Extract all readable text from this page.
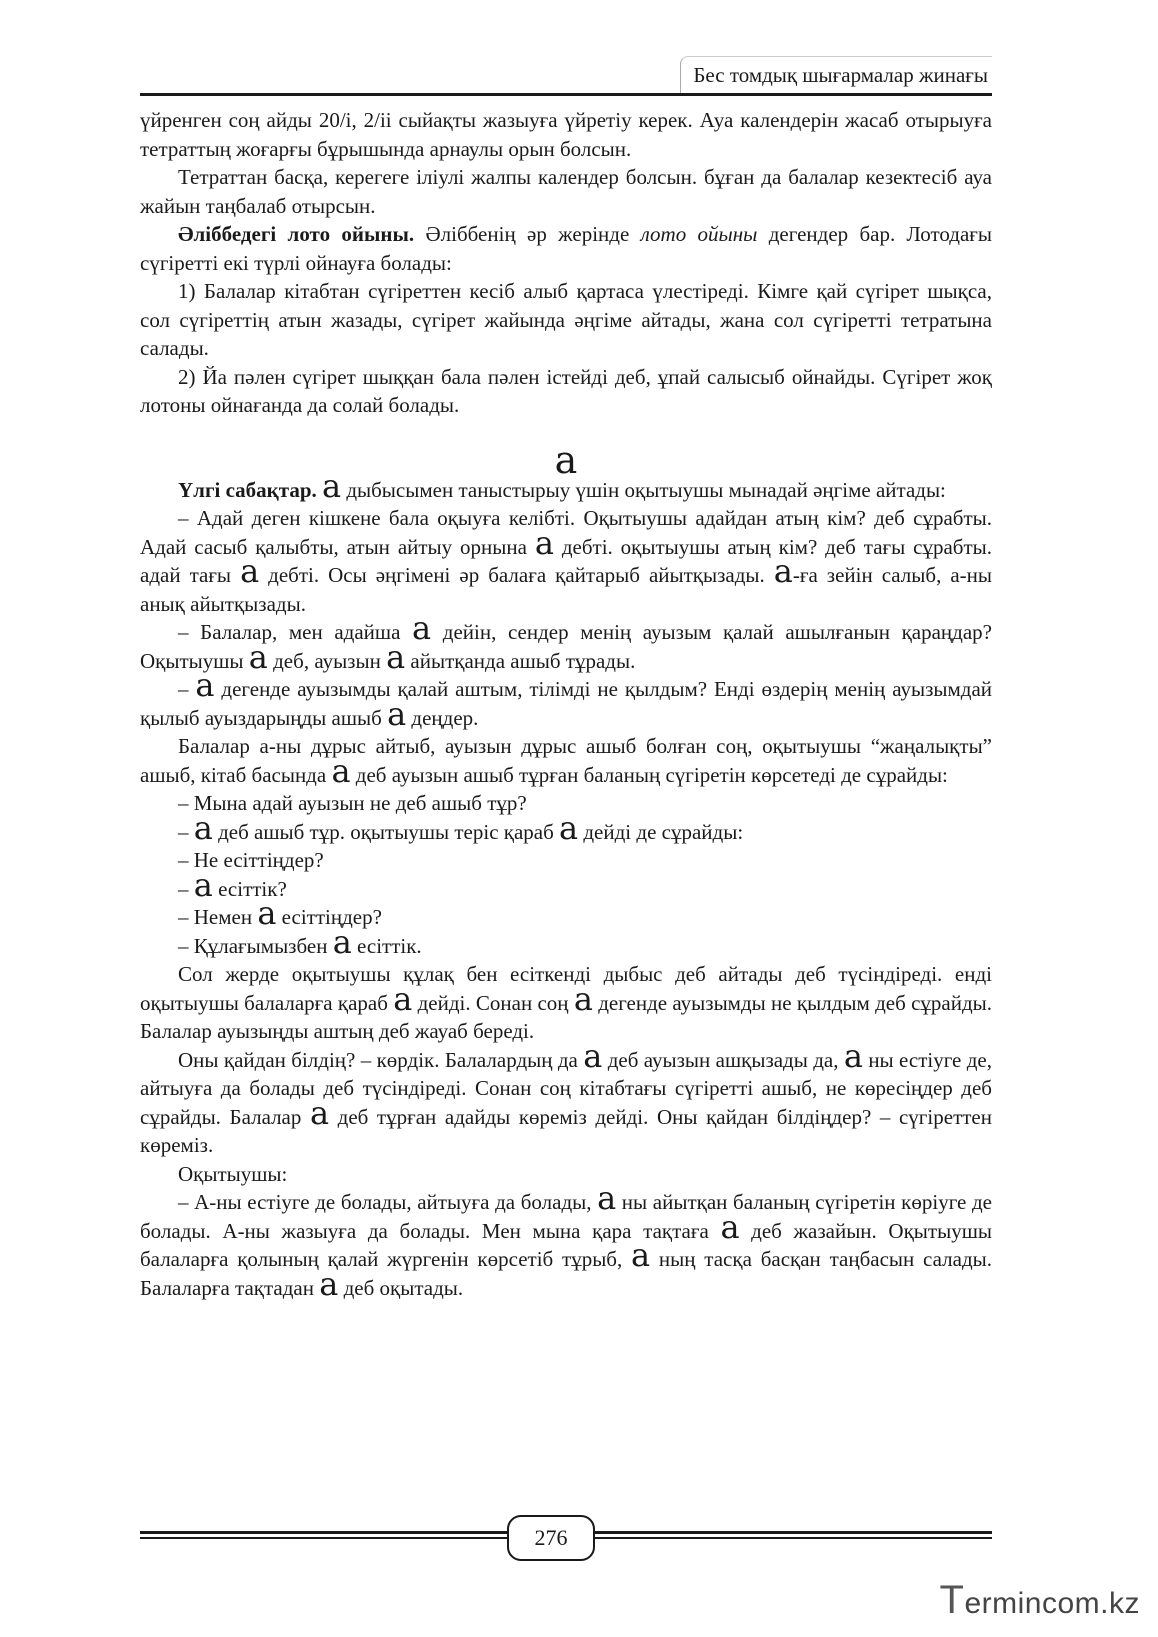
Бес томдық шығармалар жинағы

үйренген соң айды 20/і, 2/іі сыйақты жазыуға үйретіу керек. Ауа календерін жасаб отырыуға тетраттың жоғарғы бұрышында арнаулы орын болсын.

Тетраттан басқа, керегеге іліулі жалпы календер болсын. бұған да балалар кезектесіб ауа жайын таңбалаб отырсын.

Әліббедегі лото ойыны. Әліббенің әр жерінде лото ойыны дегендер бар. Лотодағы сүгіретті екі түрлі ойнауға болады:

1) Балалар кітабтан сүгіреттен кесіб алыб қартаса үлестіреді. Кімге қай сүгірет шықса, сол сүгіреттің атын жазады, сүгірет жайында әңгіме айтады, жана сол сүгіретті тетратына салады.

2) Йа пәлен сүгірет шыққан бала пәлен істейді деб, ұпай салысыб ойнайды. Сүгірет жоқ лотоны ойнағанда да солай болады.

а

Үлгі сабақтар. а дыбысымен таныстырыу үшін оқытыушы мынадай әңгіме айтады:

– Адай деген кішкене бала оқыуға келібті. Оқытыушы адайдан атың кім? деб сұрабты. Адай сасыб қалыбты, атын айтыу орнына а дебті. оқытыушы атың кім? деб тағы сұрабты. адай тағы а дебті. Осы әңгімені әр балаға қайтарыб айытқызады. а-ға зейін салыб, а-ны анық айытқызады.

– Балалар, мен адайша а дейін, сендер менің ауызым қалай ашылғанын қараңдар? Оқытыушы а деб, ауызын а айытқанда ашыб тұрады.

– а дегенде ауызымды қалай аштым, тілімді не қылдым? Енді өздерің менің ауызымдай қылыб ауыздарыңды ашыб а деңдер.

Балалар а-ны дұрыс айтыб, ауызын дұрыс ашыб болған соң, оқытыушы “жаңалықты” ашыб, кітаб басында а деб ауызын ашыб тұрған баланың сүгіретін көрсетеді де сұрайды:

– Мына адай ауызын не деб ашыб тұр?

– а деб ашыб тұр. оқытыушы теріс қараб а дейді де сұрайды:

– Не есіттіңдер?

– а есіттік?

– Немен а есіттіңдер?

– Құлағымызбен а есіттік.

Сол жерде оқытыушы құлақ бен есіткенді дыбыс деб айтады деб түсіндіреді. енді оқытыушы балаларға қараб а дейді. Сонан соң а дегенде ауызымды не қылдым деб сұрайды. Балалар ауызыңды аштың деб жауаб береді.

Оны қайдан білдің? – көрдік. Балалардың да а деб ауызын ашқызады да, а ны естіуге де, айтыуға да болады деб түсіндіреді. Сонан соң кітабтағы сүгіретті ашыб, не көресіңдер деб сұрайды. Балалар а деб тұрған адайды көреміз дейді. Оны қайдан білдіңдер? – сүгіреттен көреміз.

Оқытыушы:

– А-ны естіуге де болады, айтыуға да болады, а ны айытқан баланың сүгіретін көріуге де болады. А-ны жазыуға да болады. Мен мына қара тақтаға а деб жазайын. Оқытыушы балаларға қолының қалай жүргенін көрсетіб тұрыб, а ның тасқа басқан таңбасын салады. Балаларға тақтадан а деб оқытады.

276
Termincom.kz
